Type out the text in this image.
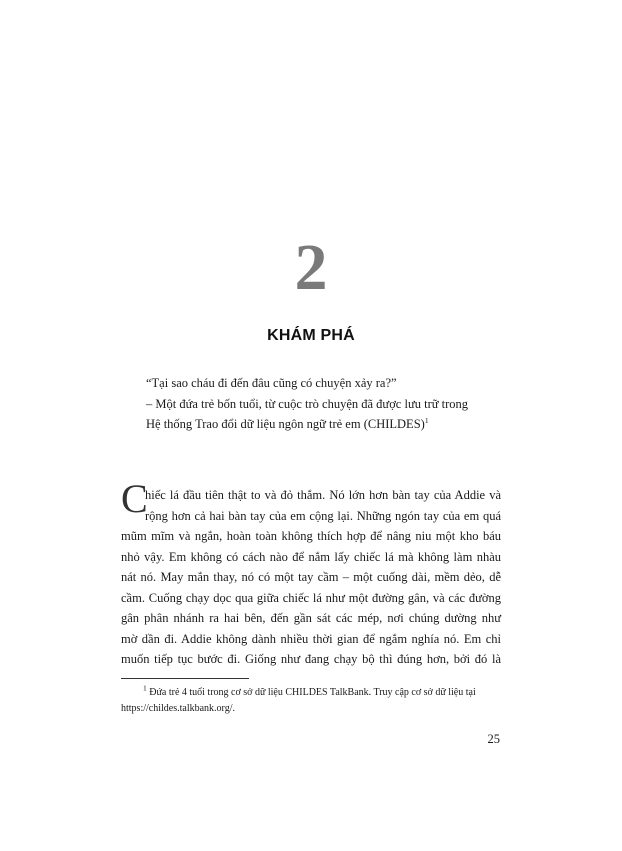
2
KHÁM PHÁ
“Tại sao cháu đi đến đâu cũng có chuyện xảy ra?”
– Một đứa trẻ bốn tuổi, từ cuộc trò chuyện đã được lưu trữ trong
Hệ thống Trao đổi dữ liệu ngôn ngữ trẻ em (CHILDES)$^1$
C
hiếc lá đầu tiên thật to và đỏ thắm. Nó lớn hơn bàn tay của Addie và
rộng hơn cả hai bàn tay của em cộng lại. Những ngón tay của em quá
mũm mĩm và ngắn, hoàn toàn không thích hợp để nâng niu một kho báu
nhỏ vậy. Em không có cách nào để nắm lấy chiếc lá mà không làm nhàu
nát nó. May mắn thay, nó có một tay cầm – một cuống dài, mềm dẻo, dễ
cầm. Cuống chạy dọc qua giữa chiếc lá như một đường gân, và các đường
gân phân nhánh ra hai bên, đến gần sát các mép, nơi chúng dường như
mờ dần đi. Addie không dành nhiều thời gian để ngắm nghía nó. Em chỉ
muốn tiếp tục bước đi. Giống như đang chạy bộ thì đúng hơn, bởi đó là
$^1$ Đứa trẻ 4 tuổi trong cơ sở dữ liệu CHILDES TalkBank. Truy cập cơ sở dữ liệu tại
https://childes.talkbank.org/.
25
